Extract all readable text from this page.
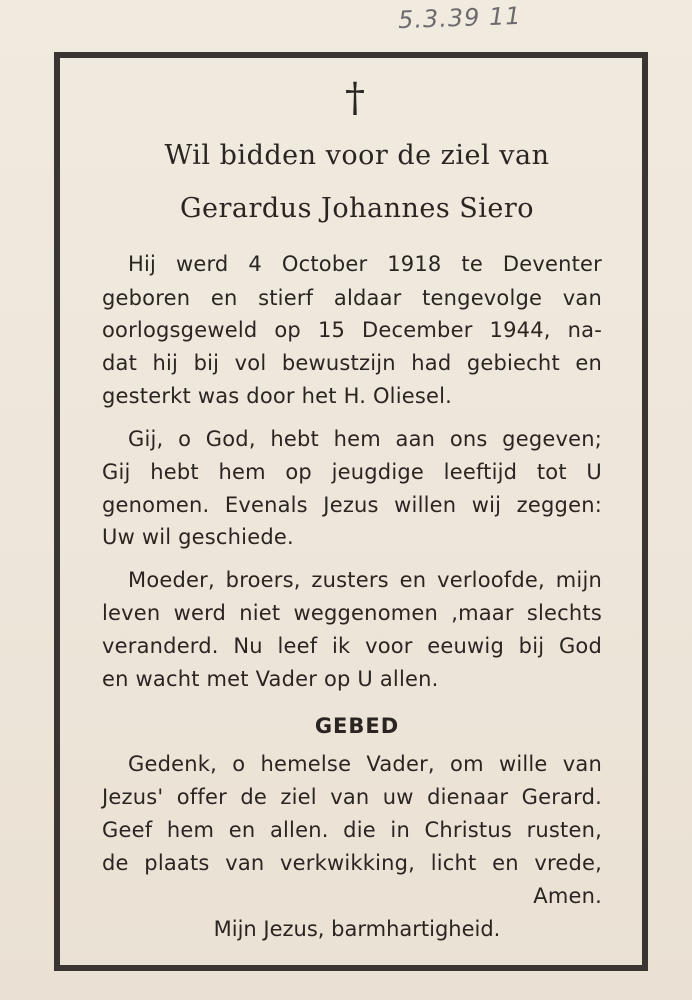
5.3.39 11
†
Wil bidden voor de ziel van
Gerardus Johannes Siero
Hij werd 4 October 1918 te Deventer
geboren en stierf aldaar tengevolge van
oorlogsgeweld op 15 December 1944, na-
dat hij bij vol bewustzijn had gebiecht en
gesterkt was door het H. Oliesel.
Gij, o God, hebt hem aan ons gegeven;
Gij hebt hem op jeugdige leeftijd tot U
genomen. Evenals Jezus willen wij zeggen:
Uw wil geschiede.
Moeder, broers, zusters en verloofde, mijn
leven werd niet weggenomen ,maar slechts
veranderd. Nu leef ik voor eeuwig bij God
en wacht met Vader op U allen.
GEBED
Gedenk, o hemelse Vader, om wille van
Jezus' offer de ziel van uw dienaar Gerard.
Geef hem en allen. die in Christus rusten,
de plaats van verkwikking, licht en vrede,
Amen.
Mijn Jezus, barmhartigheid.
